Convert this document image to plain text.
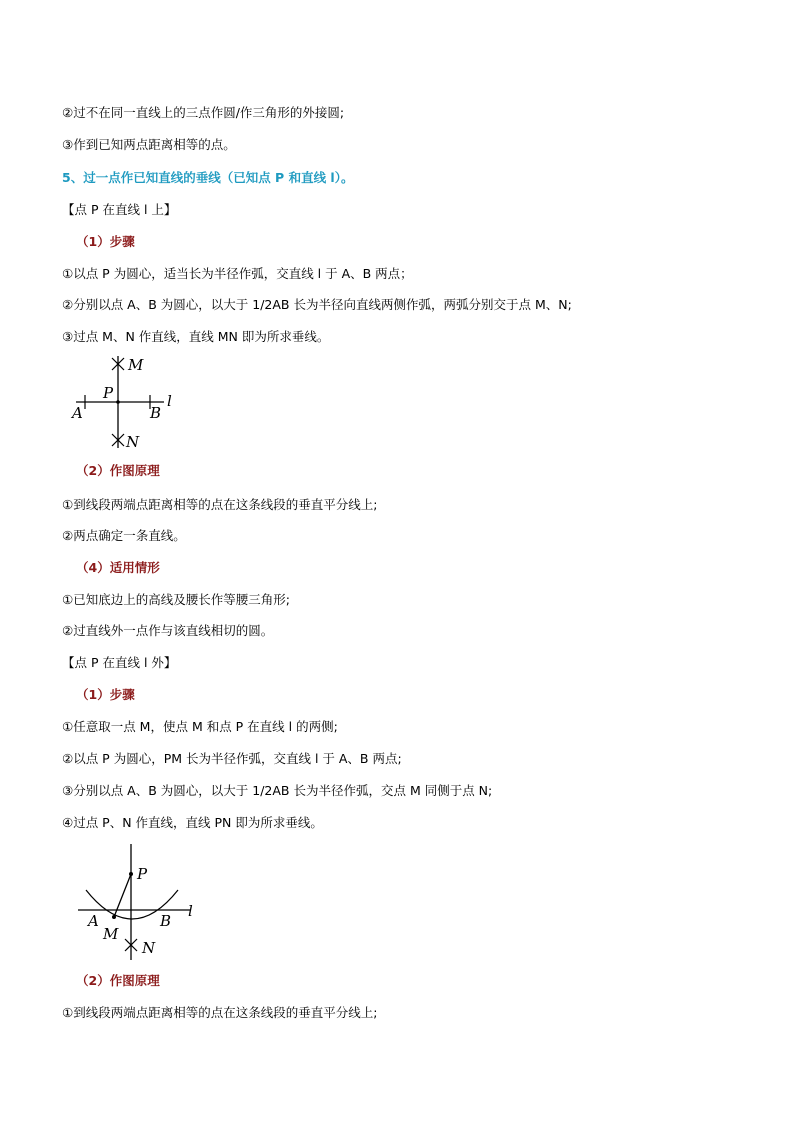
②过不在同一直线上的三点作圆/作三角形的外接圆;
③作到已知两点距离相等的点。
5、过一点作已知直线的垂线（已知点 P 和直线 l）。
【点 P 在直线 l 上】
（1）步骤
①以点 P 为圆心，适当长为半径作弧，交直线 l 于 A、B 两点；
②分别以点 A、B 为圆心，以大于 1/2AB 长为半径向直线两侧作弧，两弧分别交于点 M、N;
③过点 M、N 作直线，直线 MN 即为所求垂线。
M
P	l
A	B
N
（2）作图原理
①到线段两端点距离相等的点在这条线段的垂直平分线上;
②两点确定一条直线。
（4）适用情形
①已知底边上的高线及腰长作等腰三角形;
②过直线外一点作与该直线相切的圆。
【点 P 在直线 l 外】
（1）步骤
①任意取一点 M，使点 M 和点 P 在直线 l 的两侧;
②以点 P 为圆心，PM 长为半径作弧，交直线 l 于 A、B 两点;
③分别以点 A、B 为圆心，以大于 1/2AB 长为半径作弧，交点 M 同侧于点 N;
④过点 P、N 作直线，直线 PN 即为所求垂线。
P
A
M
B
l
N
（2）作图原理
①到线段两端点距离相等的点在这条线段的垂直平分线上;
